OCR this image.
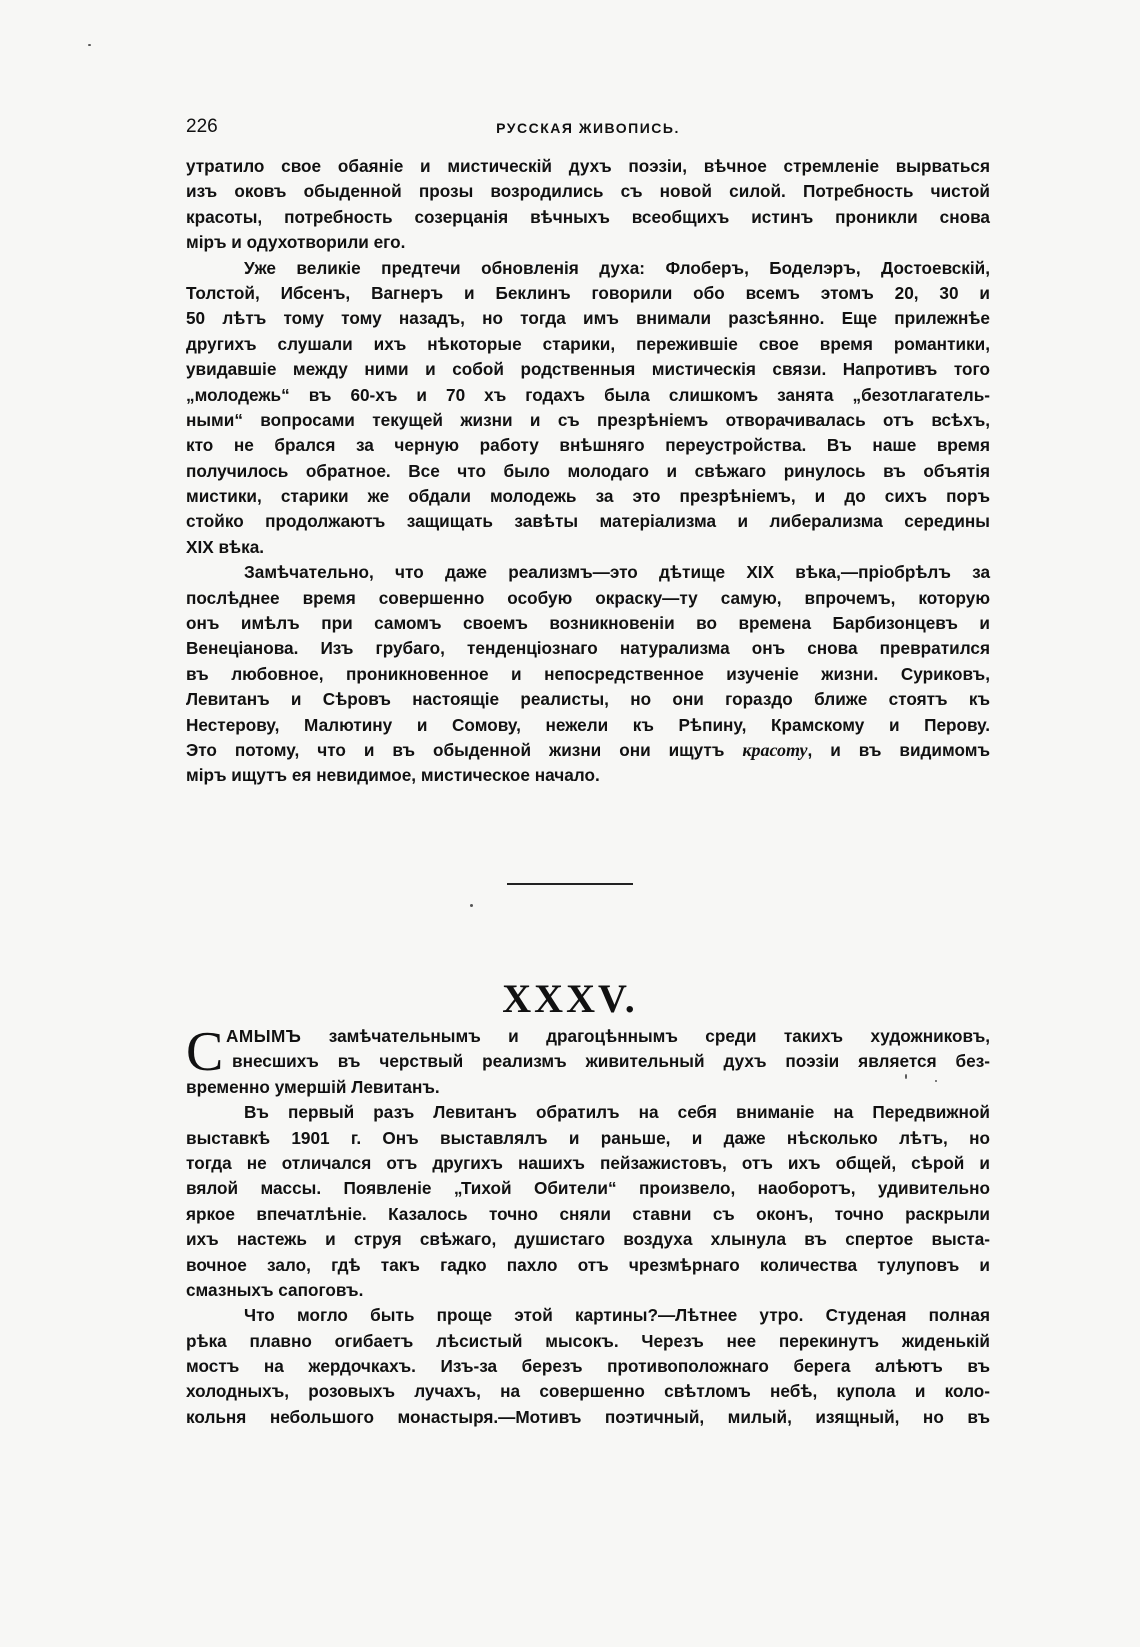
226	РУССКАЯ ЖИВОПИСЬ.
утратило свое обаяніе и мистическій духъ поэзіи, вѣчное стремленіе вырваться
изъ оковъ обыденной прозы возродились съ новой силой. Потребность чистой
красоты, потребность созерцанія вѣчныхъ всеобщихъ истинъ проникли снова
міръ и одухотворили его.
Уже великіе предтечи обновленія духа: Флоберъ, Боделэръ, Достоевскій,
Толстой, Ибсенъ, Вагнеръ и Беклинъ говорили обо всемъ этомъ 20, 30 и
50 лѣтъ тому тому назадъ, но тогда имъ внимали разсѣянно. Еще прилежнѣе
другихъ слушали ихъ нѣкоторые старики, пережившіе свое время романтики,
увидавшіе между ними и собой родственныя мистическія связи. Напротивъ того
„молодежь“ въ 60-хъ и 70 хъ годахъ была слишкомъ занята „безотлагатель-
ными“ вопросами текущей жизни и съ презрѣніемъ отворачивалась отъ всѣхъ,
кто не брался за черную работу внѣшняго переустройства. Въ наше время
получилось обратное. Все что было молодаго и свѣжаго ринулось въ объятія
мистики, старики же обдали молодежь за это презрѣніемъ, и до сихъ поръ
стойко продолжаютъ защищать завѣты матеріализма и либерализма середины
XIX вѣка.
Замѣчательно, что даже реализмъ—это дѣтище XIX вѣка,—пріобрѣлъ за
послѣднее время совершенно особую окраску—ту самую, впрочемъ, которую
онъ имѣлъ при самомъ своемъ возникновеніи во времена Барбизонцевъ и
Венеціанова. Изъ грубаго, тенденціознаго натурализма онъ снова превратился
въ любовное, проникновенное и непосредственное изученіе жизни. Суриковъ,
Левитанъ и Сѣровъ настоящіе реалисты, но они гораздо ближе стоятъ къ
Нестерову, Малютину и Сомову, нежели къ Рѣпину, Крамскому и Перову.
Это потому, что и въ обыденной жизни они ищутъ красоту, и въ видимомъ
міръ ищутъ ея невидимое, мистическое начало.
XXXV.
С АМЫМЪ замѣчательнымъ и драгоцѣннымъ среди такихъ художниковъ,
внесшихъ въ черствый реализмъ живительный духъ поэзіи является без-
временно умершій Левитанъ.
Въ первый разъ Левитанъ обратилъ на себя вниманіе на Передвижной
выставкѣ 1901 г. Онъ выставлялъ и раньше, и даже нѣсколько лѣтъ, но
тогда не отличался отъ другихъ нашихъ пейзажистовъ, отъ ихъ общей, сѣрой и
вялой массы. Появленіе „Тихой Обители“ произвело, наоборотъ, удивительно
яркое впечатлѣніе. Казалось точно сняли ставни съ оконъ, точно раскрыли
ихъ настежь и струя свѣжаго, душистаго воздуха хлынула въ спертое выста-
вочное зало, гдѣ такъ гадко пахло отъ чрезмѣрнаго количества тулуповъ и
смазныхъ сапоговъ.
Что могло быть проще этой картины?—Лѣтнее утро. Студеная полная
рѣка плавно огибаетъ лѣсистый мысокъ. Черезъ нее перекинутъ жиденькій
мостъ на жердочкахъ. Изъ-за березъ противоположнаго берега алѣютъ въ
холодныхъ, розовыхъ лучахъ, на совершенно свѣтломъ небѣ, купола и коло-
кольня небольшого монастыря.—Мотивъ поэтичный, милый, изящный, но въ
